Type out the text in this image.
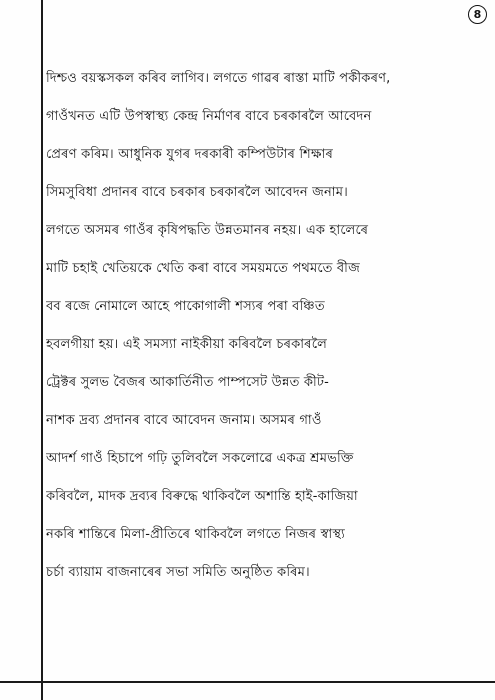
8
দিশ্চও বয়স্কসকল কৰিব লাগিব। লগতে গাৱৰ ৰাস্তা মাটি পকীকৰণ,
গাওঁখনত এটি উপস্বাস্থ্য কেন্দ্ৰ নিৰ্মাণৰ বাবে চৰকাৰলৈ আবেদন
প্ৰেৰণ কৰিম। আধুনিক যুগৰ দৰকাৰী কম্পিউটাৰ শিক্ষাৰ
সিমসুবিধা প্ৰদানৰ বাবে চৰকাৰ চৰকাৰলৈ আবেদন জনাম।
লগতে অসমৰ গাওঁৰ কৃষিপদ্ধতি উন্নতমানৰ নহয়। এক হালেৰে
মাটি চহাই খেতিয়কে খেতি কৰা বাবে সময়মতে পথমতে বীজ
বব ৰজে নোমালে আহে পাকোগালী শস্যৰ পৰা বঞ্চিত
হবলগীয়া হয়। এই সমস্যা নাইকীয়া কৰিবলৈ চৰকাৰলৈ
ট্ৰেক্টৰ সুলভ বৈজৰ আকাৰ্তিনীত পাম্পসেট উন্নত কীট-
নাশক দ্ৰব্য প্ৰদানৰ বাবে আবেদন জনাম। অসমৰ গাওঁ
আদৰ্শ গাওঁ হিচাপে গঢ়ি তুলিবলৈ সকলোৱে একত্ৰ শ্ৰমভক্তি
কৰিবলৈ, মাদক দ্ৰব্যৰ বিৰুদ্ধে থাকিবলৈ অশান্তি হাই-কাজিয়া
নকৰি শান্তিৰে মিলা-প্ৰীতিৰে থাকিবলৈ লগতে নিজৰ স্বাস্থ্য
চৰ্চা ব্যায়াম বাজনাৰেৰ সভা সমিতি অনুষ্ঠিত কৰিম।
